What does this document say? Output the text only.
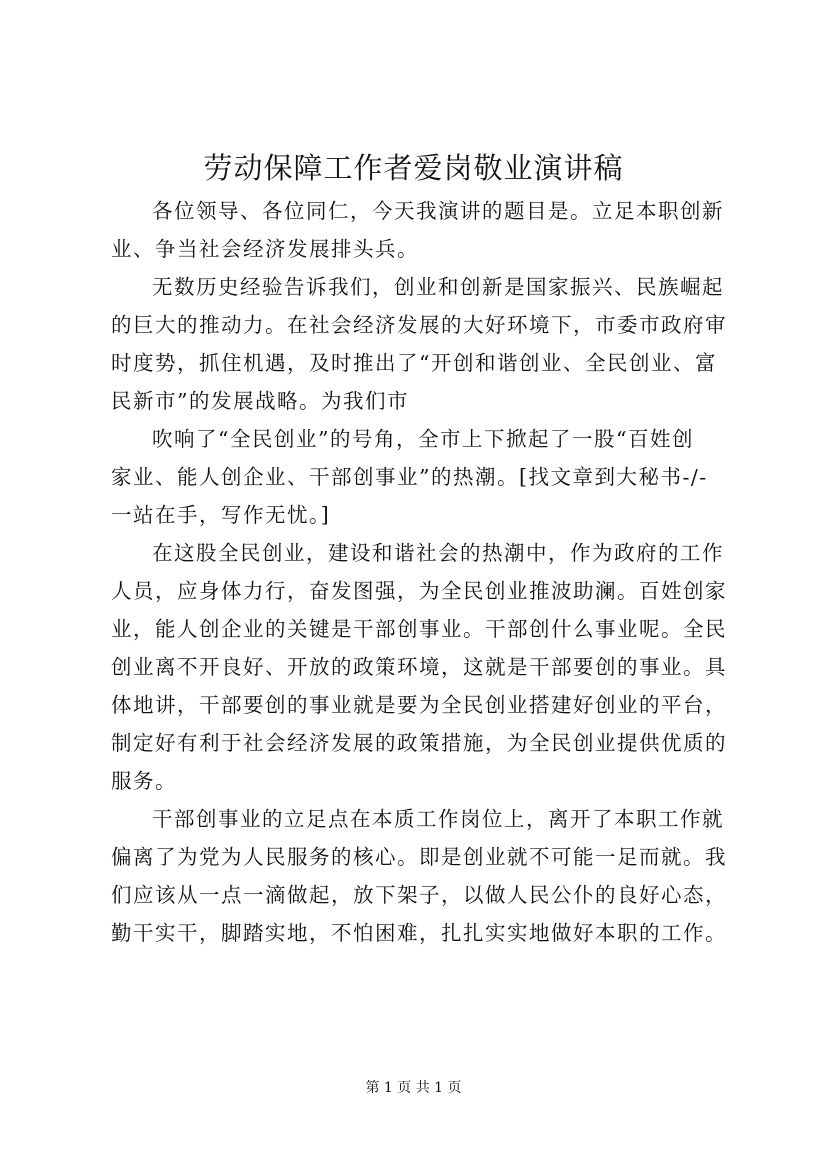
劳动保障工作者爱岗敬业演讲稿

各位领导、各位同仁，今天我演讲的题目是。立足本职创新
业、争当社会经济发展排头兵。

无数历史经验告诉我们，创业和创新是国家振兴、民族崛起
的巨大的推动力。在社会经济发展的大好环境下，市委市政府审
时度势，抓住机遇，及时推出了“开创和谐创业、全民创业、富
民新市”的发展战略。为我们市

吹响了“全民创业”的号角，全市上下掀起了一股“百姓创
家业、能人创企业、干部创事业”的热潮。[找文章到大秘书-/-
一站在手，写作无忧。]

在这股全民创业，建设和谐社会的热潮中，作为政府的工作
人员，应身体力行，奋发图强，为全民创业推波助澜。百姓创家
业，能人创企业的关键是干部创事业。干部创什么事业呢。全民
创业离不开良好、开放的政策环境，这就是干部要创的事业。具
体地讲，干部要创的事业就是要为全民创业搭建好创业的平台，
制定好有利于社会经济发展的政策措施，为全民创业提供优质的
服务。

干部创事业的立足点在本质工作岗位上，离开了本职工作就
偏离了为党为人民服务的核心。即是创业就不可能一足而就。我
们应该从一点一滴做起，放下架子，以做人民公仆的良好心态，
勤干实干，脚踏实地，不怕困难，扎扎实实地做好本职的工作。

第 1 页 共 1 页
